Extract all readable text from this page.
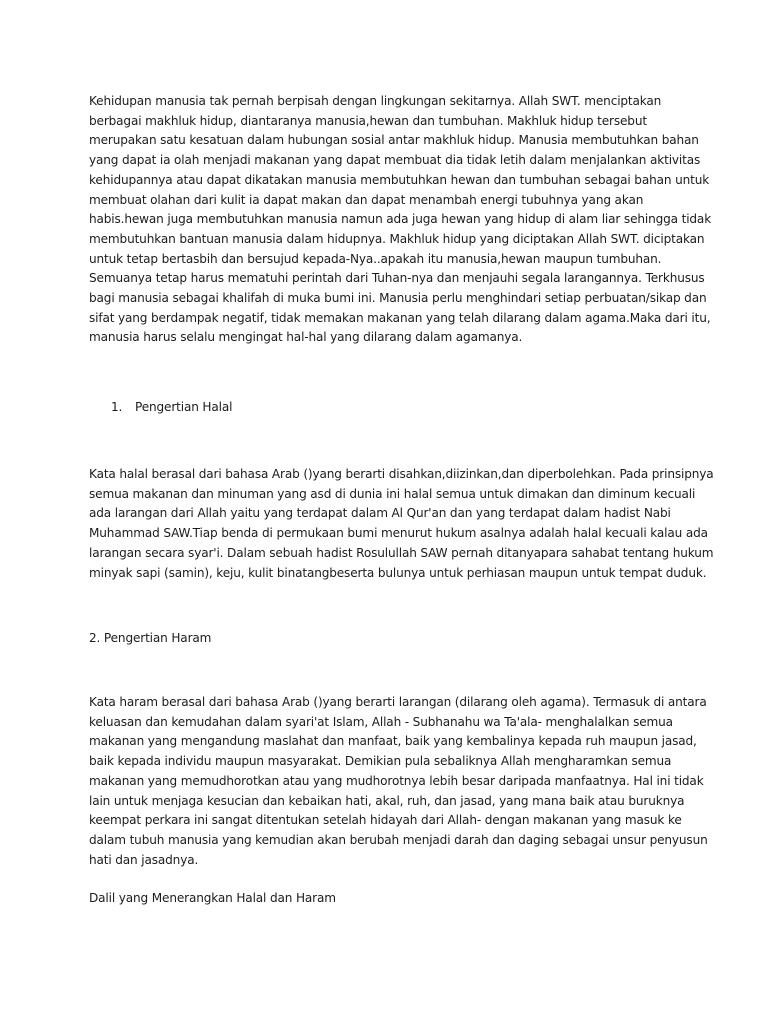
Kehidupan manusia tak pernah berpisah dengan lingkungan sekitarnya. Allah SWT. menciptakan
berbagai makhluk hidup, diantaranya manusia,hewan dan tumbuhan. Makhluk hidup tersebut
merupakan satu kesatuan dalam hubungan sosial antar makhluk hidup. Manusia membutuhkan bahan
yang dapat ia olah menjadi makanan yang dapat membuat dia tidak letih dalam menjalankan aktivitas
kehidupannya atau dapat dikatakan manusia membutuhkan hewan dan tumbuhan sebagai bahan untuk
membuat olahan dari kulit ia dapat makan dan dapat menambah energi tubuhnya yang akan
habis.hewan juga membutuhkan manusia namun ada juga hewan yang hidup di alam liar sehingga tidak
membutuhkan bantuan manusia dalam hidupnya. Makhluk hidup yang diciptakan Allah SWT. diciptakan
untuk tetap bertasbih dan bersujud kepada-Nya..apakah itu manusia,hewan maupun tumbuhan.
Semuanya tetap harus mematuhi perintah dari Tuhan-nya dan menjauhi segala larangannya. Terkhusus
bagi manusia sebagai khalifah di muka bumi ini. Manusia perlu menghindari setiap perbuatan/sikap dan
sifat yang berdampak negatif, tidak memakan makanan yang telah dilarang dalam agama.Maka dari itu,
manusia harus selalu mengingat hal-hal yang dilarang dalam agamanya.
1. Pengertian Halal
Kata halal berasal dari bahasa Arab ()yang berarti disahkan,diizinkan,dan diperbolehkan. Pada prinsipnya
semua makanan dan minuman yang asd di dunia ini halal semua untuk dimakan dan diminum kecuali
ada larangan dari Allah yaitu yang terdapat dalam Al Qur'an dan yang terdapat dalam hadist Nabi
Muhammad SAW.Tiap benda di permukaan bumi menurut hukum asalnya adalah halal kecuali kalau ada
larangan secara syar'i. Dalam sebuah hadist Rosulullah SAW pernah ditanyapara sahabat tentang hukum
minyak sapi (samin), keju, kulit binatangbeserta bulunya untuk perhiasan maupun untuk tempat duduk.
2. Pengertian Haram
Kata haram berasal dari bahasa Arab ()yang berarti larangan (dilarang oleh agama). Termasuk di antara
keluasan dan kemudahan dalam syari'at Islam, Allah - Subhanahu wa Ta'ala- menghalalkan semua
makanan yang mengandung maslahat dan manfaat, baik yang kembalinya kepada ruh maupun jasad,
baik kepada individu maupun masyarakat. Demikian pula sebaliknya Allah mengharamkan semua
makanan yang memudhorotkan atau yang mudhorotnya lebih besar daripada manfaatnya. Hal ini tidak
lain untuk menjaga kesucian dan kebaikan hati, akal, ruh, dan jasad, yang mana baik atau buruknya
keempat perkara ini sangat ditentukan setelah hidayah dari Allah- dengan makanan yang masuk ke
dalam tubuh manusia yang kemudian akan berubah menjadi darah dan daging sebagai unsur penyusun
hati dan jasadnya.
Dalil yang Menerangkan Halal dan Haram
